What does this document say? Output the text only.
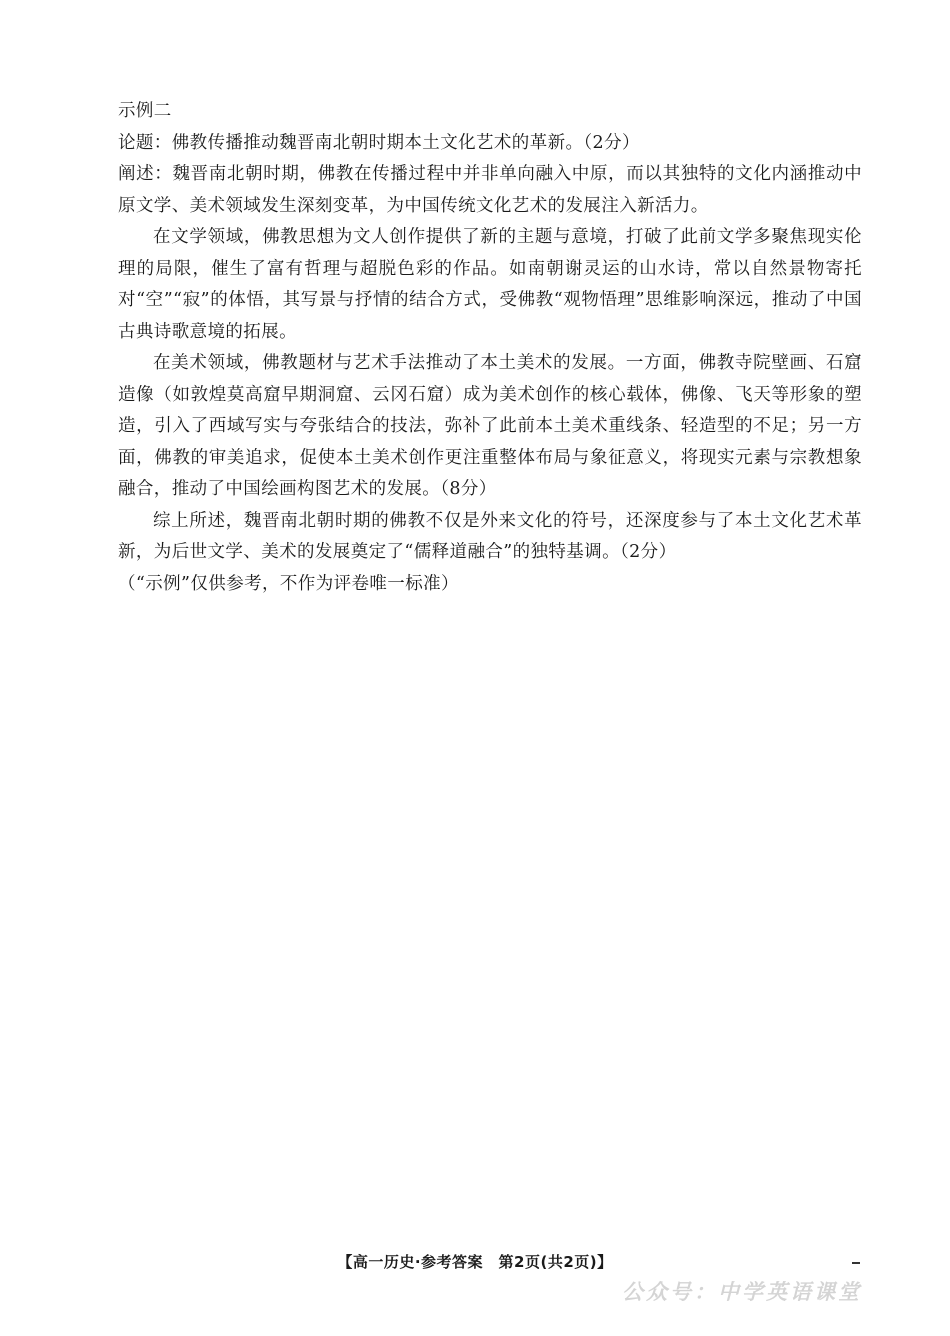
示例二

论题：佛教传播推动魏晋南北朝时期本土文化艺术的革新。（2分）

阐述：魏晋南北朝时期，佛教在传播过程中并非单向融入中原，而以其独特的文化内涵推动中原文学、美术领域发生深刻变革，为中国传统文化艺术的发展注入新活力。

在文学领域，佛教思想为文人创作提供了新的主题与意境，打破了此前文学多聚焦现实伦理的局限，催生了富有哲理与超脱色彩的作品。如南朝谢灵运的山水诗，常以自然景物寄托对“空”“寂”的体悟，其写景与抒情的结合方式，受佛教“观物悟理”思维影响深远，推动了中国古典诗歌意境的拓展。

在美术领域，佛教题材与艺术手法推动了本土美术的发展。一方面，佛教寺院壁画、石窟造像（如敦煌莫高窟早期洞窟、云冈石窟）成为美术创作的核心载体，佛像、飞天等形象的塑造，引入了西域写实与夸张结合的技法，弥补了此前本土美术重线条、轻造型的不足；另一方面，佛教的审美追求，促使本土美术创作更注重整体布局与象征意义，将现实元素与宗教想象融合，推动了中国绘画构图艺术的发展。（8分）

综上所述，魏晋南北朝时期的佛教不仅是外来文化的符号，还深度参与了本土文化艺术革新，为后世文学、美术的发展奠定了“儒释道融合”的独特基调。（2分）

（“示例”仅供参考，不作为评卷唯一标准）

【高一历史·参考答案　第2页(共2页)】
公众号：中学英语课堂
